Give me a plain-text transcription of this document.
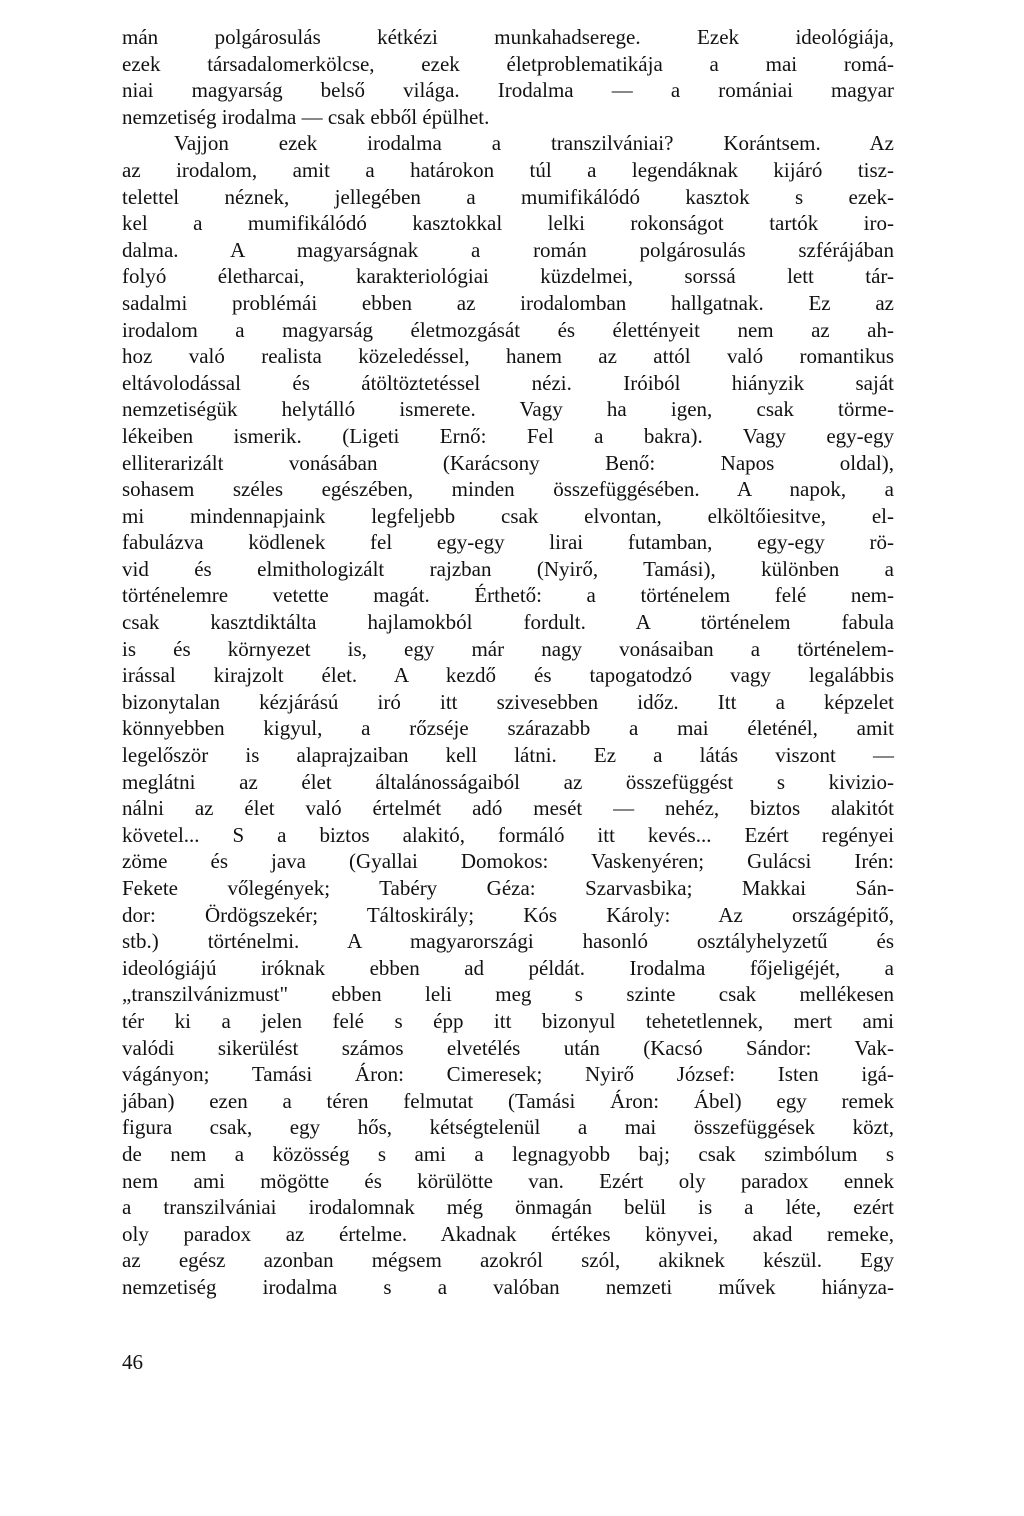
mán polgárosulás kétkézi munkahadserege. Ezek ideológiája,
ezek társadalomerkölcse, ezek életproblematikája a mai romá-
niai magyarság belső világa. Irodalma — a romániai magyar
nemzetiség irodalma — csak ebből épülhet.
Vajjon ezek irodalma a transzilvániai? Korántsem. Az
az irodalom, amit a határokon túl a legendáknak kijáró tisz-
telettel néznek, jellegében a mumifikálódó kasztok s ezek-
kel a mumifikálódó kasztokkal lelki rokonságot tartók iro-
dalma. A magyarságnak a román polgárosulás szférájában
folyó életharcai, karakteriológiai küzdelmei, sorssá lett tár-
sadalmi problémái ebben az irodalomban hallgatnak. Ez az
irodalom a magyarság életmozgását és élettényeit nem az ah-
hoz való realista közeledéssel, hanem az attól való romantikus
eltávolodással és átöltöztetéssel nézi. Iróiból hiányzik saját
nemzetiségük helytálló ismerete. Vagy ha igen, csak törme-
lékeiben ismerik. (Ligeti Ernő: Fel a bakra). Vagy egy-egy
elliterarizált vonásában (Karácsony Benő: Napos oldal),
sohasem széles egészében, minden összefüggésében. A napok, a
mi mindennapjaink legfeljebb csak elvontan, elköltőiesitve, el-
fabulázva ködlenek fel egy-egy lirai futamban, egy-egy rö-
vid és elmithologizált rajzban (Nyirő, Tamási), különben a
történelemre vetette magát. Érthető: a történelem felé nem-
csak kasztdiktálta hajlamokból fordult. A történelem fabula
is és környezet is, egy már nagy vonásaiban a történelem-
irással kirajzolt élet. A kezdő és tapogatodzó vagy legalábbis
bizonytalan kézjárású iró itt szivesebben időz. Itt a képzelet
könnyebben kigyul, a rőzséje szárazabb a mai életénél, amit
legelőször is alaprajzaiban kell látni. Ez a látás viszont —
meglátni az élet általánosságaiból az összefüggést s kivizio-
nálni az élet való értelmét adó mesét — nehéz, biztos alakitót
követel... S a biztos alakitó, formáló itt kevés... Ezért regényei
zöme és java (Gyallai Domokos: Vaskenyéren; Gulácsi Irén:
Fekete vőlegények; Tabéry Géza: Szarvasbika; Makkai Sán-
dor: Ördögszekér; Táltoskirály; Kós Károly: Az országépitő,
stb.) történelmi. A magyarországi hasonló osztályhelyzetű és
ideológiájú iróknak ebben ad példát. Irodalma főjeligéjét, a
„transzilvánizmust" ebben leli meg s szinte csak mellékesen
tér ki a jelen felé s épp itt bizonyul tehetetlennek, mert ami
valódi sikerülést számos elvetélés után (Kacsó Sándor: Vak-
vágányon; Tamási Áron: Cimeresek; Nyirő József: Isten igá-
jában) ezen a téren felmutat (Tamási Áron: Ábel) egy remek
figura csak, egy hős, kétségtelenül a mai összefüggések közt,
de nem a közösség s ami a legnagyobb baj; csak szimbólum s
nem ami mögötte és körülötte van. Ezért oly paradox ennek
a transzilvániai irodalomnak még önmagán belül is a léte, ezért
oly paradox az értelme. Akadnak értékes könyvei, akad remeke,
az egész azonban mégsem azokról szól, akiknek készül. Egy
nemzetiség irodalma s a valóban nemzeti művek hiányza-
46
